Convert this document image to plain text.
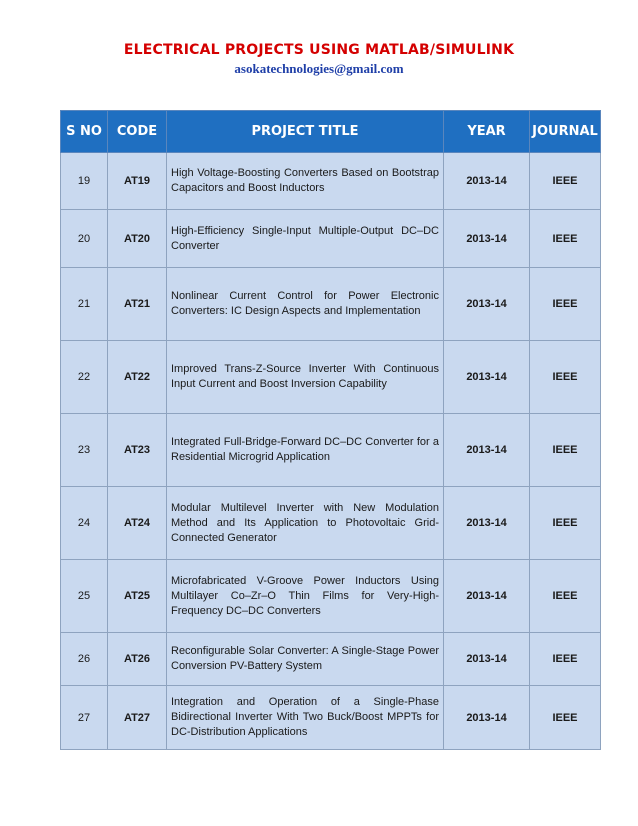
ELECTRICAL PROJECTS USING MATLAB/SIMULINK
asokatechnologies@gmail.com
S NO	CODE	PROJECT TITLE	YEAR	JOURNAL
19	AT19	High Voltage-Boosting Converters Based on Bootstrap Capacitors and Boost Inductors	2013-14	IEEE
20	AT20	High-Efficiency Single-Input Multiple-Output DC–DC Converter	2013-14	IEEE
21	AT21	Nonlinear Current Control for Power Electronic Converters: IC Design Aspects and Implementation	2013-14	IEEE
22	AT22	Improved Trans-Z-Source Inverter With Continuous Input Current and Boost Inversion Capability	2013-14	IEEE
23	AT23	Integrated Full-Bridge-Forward DC–DC Converter for a Residential Microgrid Application	2013-14	IEEE
24	AT24	Modular Multilevel Inverter with New Modulation Method and Its Application to Photovoltaic Grid-Connected Generator	2013-14	IEEE
25	AT25	Microfabricated V-Groove Power Inductors Using Multilayer Co–Zr–O Thin Films for Very-High-Frequency DC–DC Converters	2013-14	IEEE
26	AT26	Reconfigurable Solar Converter: A Single-Stage Power Conversion PV-Battery System	2013-14	IEEE
27	AT27	Integration and Operation of a Single-Phase Bidirectional Inverter With Two Buck/Boost MPPTs for DC-Distribution Applications	2013-14	IEEE
